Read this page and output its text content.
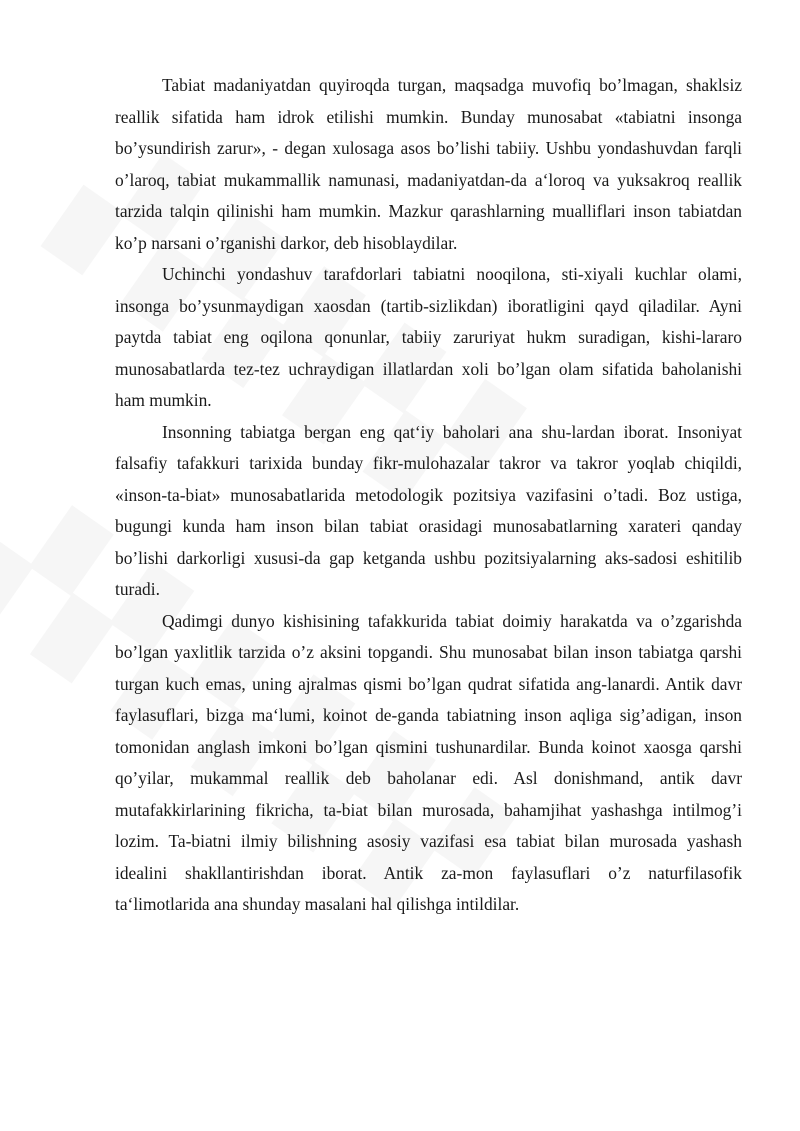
Tabiat madaniyatdan quyiroqda turgan, maqsadga muvofiq bo’lmagan, shaklsiz reallik sifatida ham idrok etilishi mumkin. Bunday munosabat «tabiatni insonga bo’ysundirish zarur», - degan xulosaga asos bo’lishi tabiiy. Ushbu yondashuvdan farqli o’laroq, tabiat mukammallik namunasi, madaniyatdan-da a‘loroq va yuksakroq reallik tarzida talqin qilinishi ham mumkin. Mazkur qarashlarning mualliflari inson tabiatdan ko’p narsani o’rganishi darkor, deb hisoblaydilar.

Uchinchi yondashuv tarafdorlari tabiatni nooqilona, sti-xiyali kuchlar olami, insonga bo’ysunmaydigan xaosdan (tartib-sizlikdan) iboratligini qayd qiladilar. Ayni paytda tabiat eng oqilona qonunlar, tabiiy zaruriyat hukm suradigan, kishi-lararo munosabatlarda tez-tez uchraydigan illatlardan xoli bo’lgan olam sifatida baholanishi ham mumkin.

Insonning tabiatga bergan eng qat‘iy baholari ana shu-lardan iborat. Insoniyat falsafiy tafakkuri tarixida bunday fikr-mulohazalar takror va takror yoqlab chiqildi, «inson-ta-biat» munosabatlarida metodologik pozitsiya vazifasini o’tadi. Boz ustiga, bugungi kunda ham inson bilan tabiat orasidagi munosabatlarning xarateri qanday bo’lishi darkorligi xususi-da gap ketganda ushbu pozitsiyalarning aks-sadosi eshitilib turadi.

Qadimgi dunyo kishisining tafakkurida tabiat doimiy harakatda va o’zgarishda bo’lgan yaxlitlik tarzida o’z aksini topgandi. Shu munosabat bilan inson tabiatga qarshi turgan kuch emas, uning ajralmas qismi bo’lgan qudrat sifatida ang-lanardi. Antik davr faylasuflari, bizga ma‘lumi, koinot de-ganda tabiatning inson aqliga sig’adigan, inson tomonidan anglash imkoni bo’lgan qismini tushunardilar. Bunda koinot xaosga qarshi qo’yilar, mukammal reallik deb baholanar edi. Asl donishmand, antik davr mutafakkirlarining fikricha, ta-biat bilan murosada, bahamjihat yashashga intilmog’i lozim. Ta-biatni ilmiy bilishning asosiy vazifasi esa tabiat bilan murosada yashash idealini shakllantirishdan iborat. Antik za-mon faylasuflari o’z naturfilasofik ta‘limotlarida ana shunday masalani hal qilishga intildilar.
